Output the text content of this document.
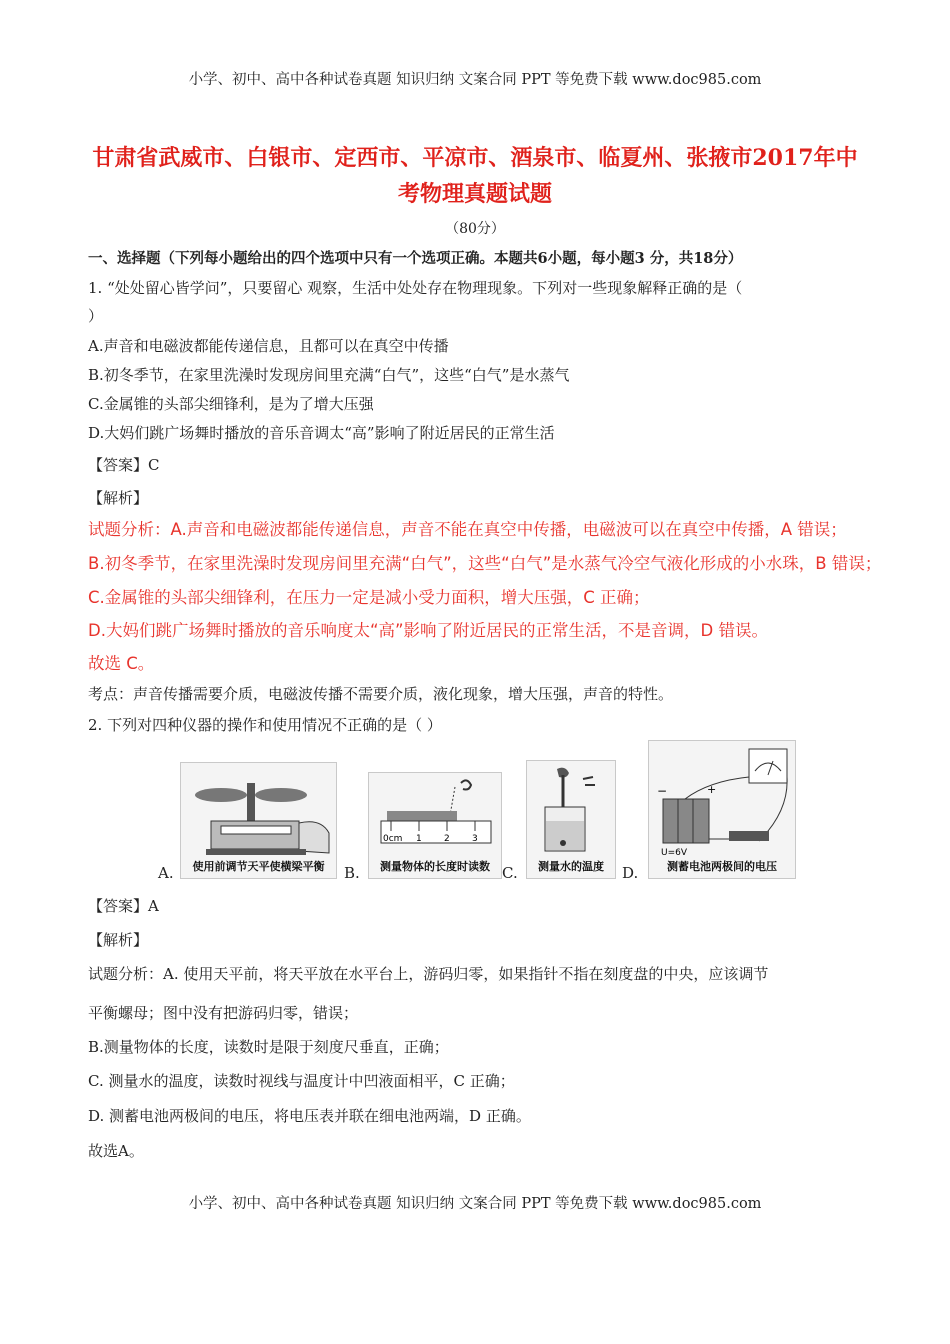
小学、初中、高中各种试卷真题 知识归纳 文案合同 PPT 等免费下载 www.doc985.com
甘肃省武威市、白银市、定西市、平凉市、酒泉市、临夏州、张掖市2017年中
考物理真题试题
（80分）
一、选择题（下列每小题给出的四个选项中只有一个选项正确。本题共6小题，每小题3 分，共18分）
1. “处处留心皆学问”，只要留心 观察，生活中处处存在物理现象。下列对一些现象解释正确的是（
）
A.声音和电磁波都能传递信息，且都可以在真空中传播
B.初冬季节，在家里洗澡时发现房间里充满“白气”，这些“白气”是水蒸气
C.金属锥的头部尖细锋利，是为了增大压强
D.大妈们跳广场舞时播放的音乐音调太“高”影响了附近居民的正常生活
【答案】C
【解析】
试题分析：A.声音和电磁波都能传递信息，声音不能在真空中传播，电磁波可以在真空中传播，A 错误；
B.初冬季节，在家里洗澡时发现房间里充满“白气”，这些“白气”是水蒸气冷空气液化形成的小水珠，B 错误；
C.金属锥的头部尖细锋利，在压力一定是减小受力面积，增大压强，C 正确；
D.大妈们跳广场舞时播放的音乐响度太“高”影响了附近居民的正常生活，不是音调，D 错误。
故选 C。
考点：声音传播需要介质，电磁波传播不需要介质，液化现象，增大压强，声音的特性。
2. 下列对四种仪器的操作和使用情况不正确的是（ ）
A.	使用前调节天平使横梁平衡	B.
0cm 1 2 3
测量物体的长度时读数 C.	测量水的温度	D.
−	+
U=6V
测蓄电池两极间的电压
【答案】A
【解析】
试题分析：A. 使用天平前，将天平放在水平台上，游码归零，如果指针不指在刻度盘的中央，应该调节
平衡螺母；图中没有把游码归零，错误；
B.测量物体的长度，读数时是限于刻度尺垂直，正确；
C. 测量水的温度，读数时视线与温度计中凹液面相平，C 正确；
D. 测蓄电池两极间的电压，将电压表并联在细电池两端，D 正确。
故选A。
小学、初中、高中各种试卷真题 知识归纳 文案合同 PPT 等免费下载 www.doc985.com
